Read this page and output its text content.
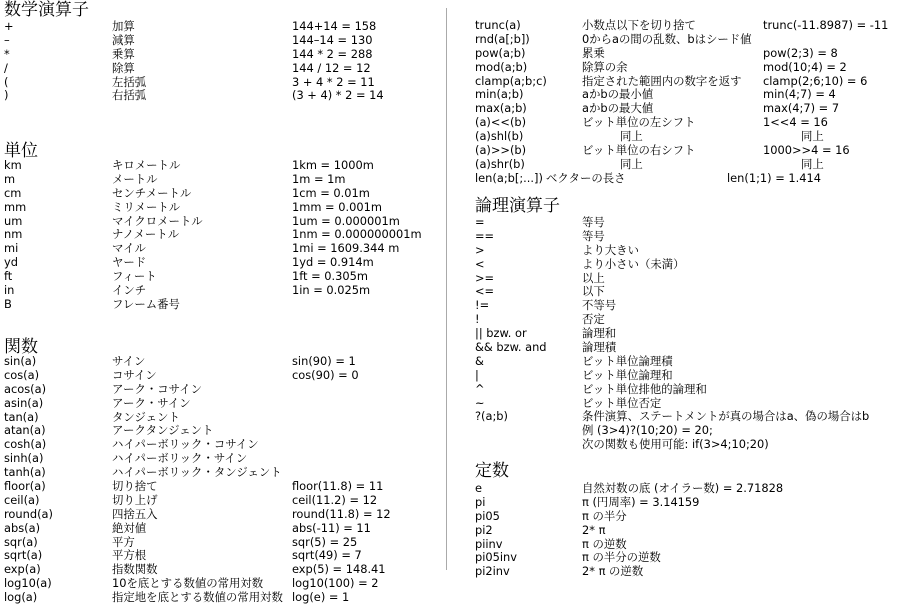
数学演算子
+	加算	144+14 = 158
–	減算	144–14 = 130
*	乗算	144 * 2 = 288
/	除算	144 / 12 = 12
(	左括弧	3 + 4 * 2 = 11
)	右括弧	(3 + 4) * 2 = 14
単位
km	キロメートル	1km = 1000m
m	メートル	1m = 1m
cm	センチメートル	1cm = 0.01m
mm	ミリメートル	1mm = 0.001m
um	マイクロメートル	1um = 0.000001m
nm	ナノメートル	1nm = 0.000000001m
mi	マイル	1mi = 1609.344 m
yd	ヤード	1yd = 0.914m
ft	フィート	1ft = 0.305m
in	インチ	1in = 0.025m
B	フレーム番号
関数
sin(a)	サイン	sin(90) = 1
cos(a)	コサイン	cos(90) = 0
acos(a)	アーク・コサイン
asin(a)	アーク・サイン
tan(a)	タンジェント
atan(a)	アークタンジェント
cosh(a)	ハイパーボリック・コサイン
sinh(a)	ハイパーボリック・サイン
tanh(a)	ハイパーボリック・タンジェント
floor(a)	切り捨て	floor(11.8) = 11
ceil(a)	切り上げ	ceil(11.2) = 12
round(a)	四捨五入	round(11.8) = 12
abs(a)	絶対値	abs(-11) = 11
sqr(a)	平方	sqr(5) = 25
sqrt(a)	平方根	sqrt(49) = 7
exp(a)	指数関数	exp(5) = 148.41
log10(a)	10を底とする数値の常用対数	log10(100) = 2
log(a)	指定地を底とする数値の常用対数 log(e) = 1
trunc(a)	小数点以下を切り捨て	trunc(-11.8987) = -11
rnd(a[;b])	0からaの間の乱数、bはシード値
pow(a;b)	累乗	pow(2;3) = 8
mod(a;b)	除算の余	mod(10;4) = 2
clamp(a;b;c)	指定された範囲内の数字を返す clamp(2;6;10) = 6
min(a;b)	aかbの最小値	min(4;7) = 4
max(a;b)	aかbの最大値	max(4;7) = 7
(a)<<(b)	ビット単位の左シフト	1<<4 = 16
(a)shl(b)	同上	同上
(a)>>(b)	ビット単位の右シフト	1000>>4 = 16
(a)shr(b)	同上	同上
len(a;b[;...]) ベクターの長さ	len(1;1) = 1.414
論理演算子
=	等号
==	等号
>	より大きい
<	より小さい（未満）
>=	以上
<=	以下
!=	不等号
!	否定
|| bzw. or	論理和
&& bzw. and	論理積
&	ビット単位論理積
|	ビット単位論理和
^	ビット単位排他的論理和
~	ビット単位否定
?(a;b)	条件演算、ステートメントが真の場合はa、偽の場合はb
例 (3>4)?(10;20) = 20;
次の関数も使用可能: if(3>4;10;20)
定数
e	自然対数の底 (オイラー数) = 2.71828
pi	π (円周率) = 3.14159
pi05	π の半分
pi2	2* π
piinv	π の逆数
pi05inv	π の半分の逆数
pi2inv	2* π の逆数
